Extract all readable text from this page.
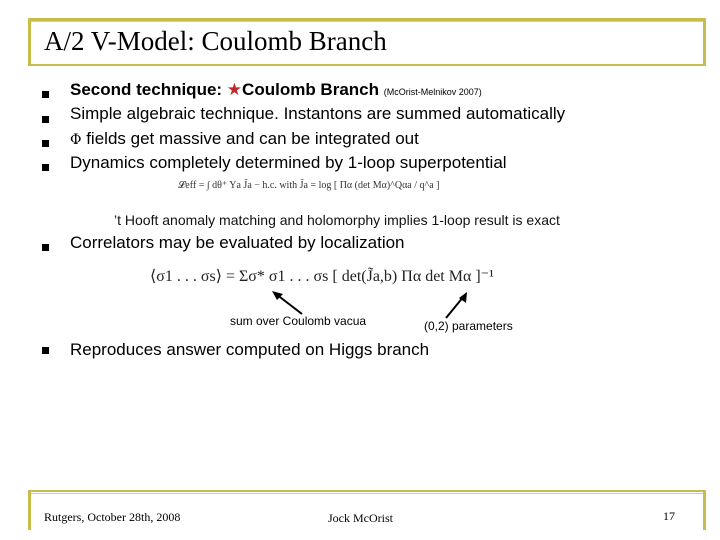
A/2 V-Model: Coulomb Branch
Second technique: ★Coulomb Branch (McOrist-Melnikov 2007)
Simple algebraic technique. Instantons are summed automatically
Φ fields get massive and can be integrated out
Dynamics completely determined by 1-loop superpotential
𝓛eff = ∫ dθ⁺ Υa J̃a − h.c. with J̃a = log [ Πα (det Mα)^Qαa / q^a ]
’t Hooft anomaly matching and holomorphy implies 1-loop result is exact
Correlators may be evaluated by localization
⟨σ1 . . . σs⟩ = Σσ* σ1 . . . σs [ det(J̃a,b) Πα det Mα ]⁻¹
sum over Coulomb vacua	(0,2) parameters
Reproduces answer computed on Higgs branch
Rutgers, October 28th, 2008	Jock McOrist	17
